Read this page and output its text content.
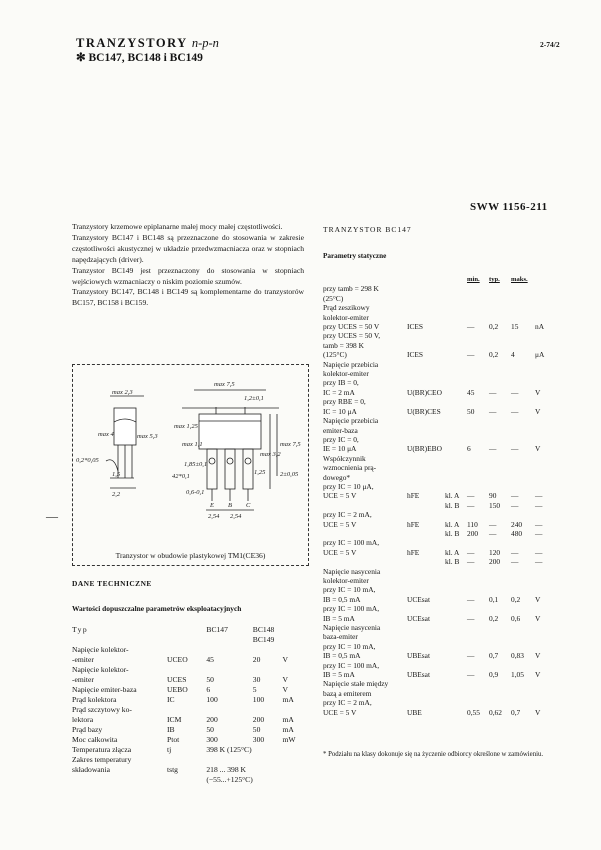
TRANZYSTORY n-p-n
✻ BC147, BC148 i BC149
2-74/2
SWW 1156-211

Tranzystory krzemowe epiplanarne małej mocy małej częstotliwości.

Tranzystory BC147 i BC148 są przeznaczone do stosowania w zakresie częstotliwości akustycznej w układzie przedwzmacniacza oraz w stopniach napędzających (driver).

Tranzystor BC149 jest przeznaczony do stosowania w stopniach wejściowych wzmacniaczy o niskim poziomie szumów.

Tranzystory BC147, BC148 i BC149 są komplementarne do tranzystorów BC157, BC158 i BC159.

—
max 2,3
max 4	max 5,3
0,2*0,05
1,5
2,2
max 7,5
1,2±0,1
max 1,25
max 1,1
max 3,2
max 7,5
2±0,05
1,25
42*0,1
1,85±0,1
0,6-0,1
E B C
2,54 2,54
Tranzystor w obudowie plastykowej TM1(CE36)
DANE TECHNICZNE
Wartości dopuszczalne parametrów eksploatacyjnych
Typ		BC147	BC148	
			BC149	
Napięcie kolektor-				
-emiter	UCEO	45	20	V
Napięcie kolektor-				
-emiter	UCES	50	30	V
Napięcie emiter-baza	UEBO	6	5	V
Prąd kolektora	IC	100	100	mA
Prąd szczytowy ko-				
lektora	ICM	200	200	mA
Prąd bazy	IB	50	50	mA
Moc całkowita	Ptot	300	300	mW
Temperatura złącza	tj	398 K (125°C)		
Zakres temperatury				
składowania	tstg	218 ... 398 K		
		(−55...+125°C)		
TRANZYSTOR BC147
Parametry statyczne
			min.	typ.	maks.	
przy tamb = 298 K						
(25°C)						
Prąd zeszikowy						
kolektor-emiter						
przy UCES = 50 V	ICES		—	0,2	15	nA
przy UCES = 50 V,						
tamb = 398 K						
(125°C)	ICES		—	0,2	4	μA
Napięcie przebicia						
kolektor-emiter						
przy IB = 0,						
IC = 2 mA	U(BR)CEO		45	—	—	V
przy RBE = 0,						
IC = 10 μA	U(BR)CES		50	—	—	V
Napięcie przebicia						
emiter-baza						
przy IC = 0,						
IE = 10 μA	U(BR)EBO		6	—	—	V
Współczynnik						
wzmocnienia prą-						
dowego*						
przy IC = 10 μA,						
UCE = 5 V	hFE	kl. A	—	90	—	—
		kl. B	—	150	—	—
przy IC = 2 mA,						
UCE = 5 V	hFE	kl. A	110	—	240	—
		kl. B	200	—	480	—
przy IC = 100 mA,						
UCE = 5 V	hFE	kl. A	—	120	—	—
		kl. B	—	200	—	—
Napięcie nasycenia						
kolektor-emiter						
przy IC = 10 mA,						
IB = 0,5 mA	UCEsat		—	0,1	0,2	V
przy IC = 100 mA,						
IB = 5 mA	UCEsat		—	0,2	0,6	V
Napięcie nasycenia						
baza-emiter						
przy IC = 10 mA,						
IB = 0,5 mA	UBEsat		—	0,7	0,83	V
przy IC = 100 mA,						
IB = 5 mA	UBEsat		—	0,9	1,05	V
Napięcie stałe między						
bazą a emiterem						
przy IC = 2 mA,						
UCE = 5 V	UBE		0,55	0,62	0,7	V
* Podziału na klasy dokonuje się na życzenie odbiorcy określone w zamówieniu.
